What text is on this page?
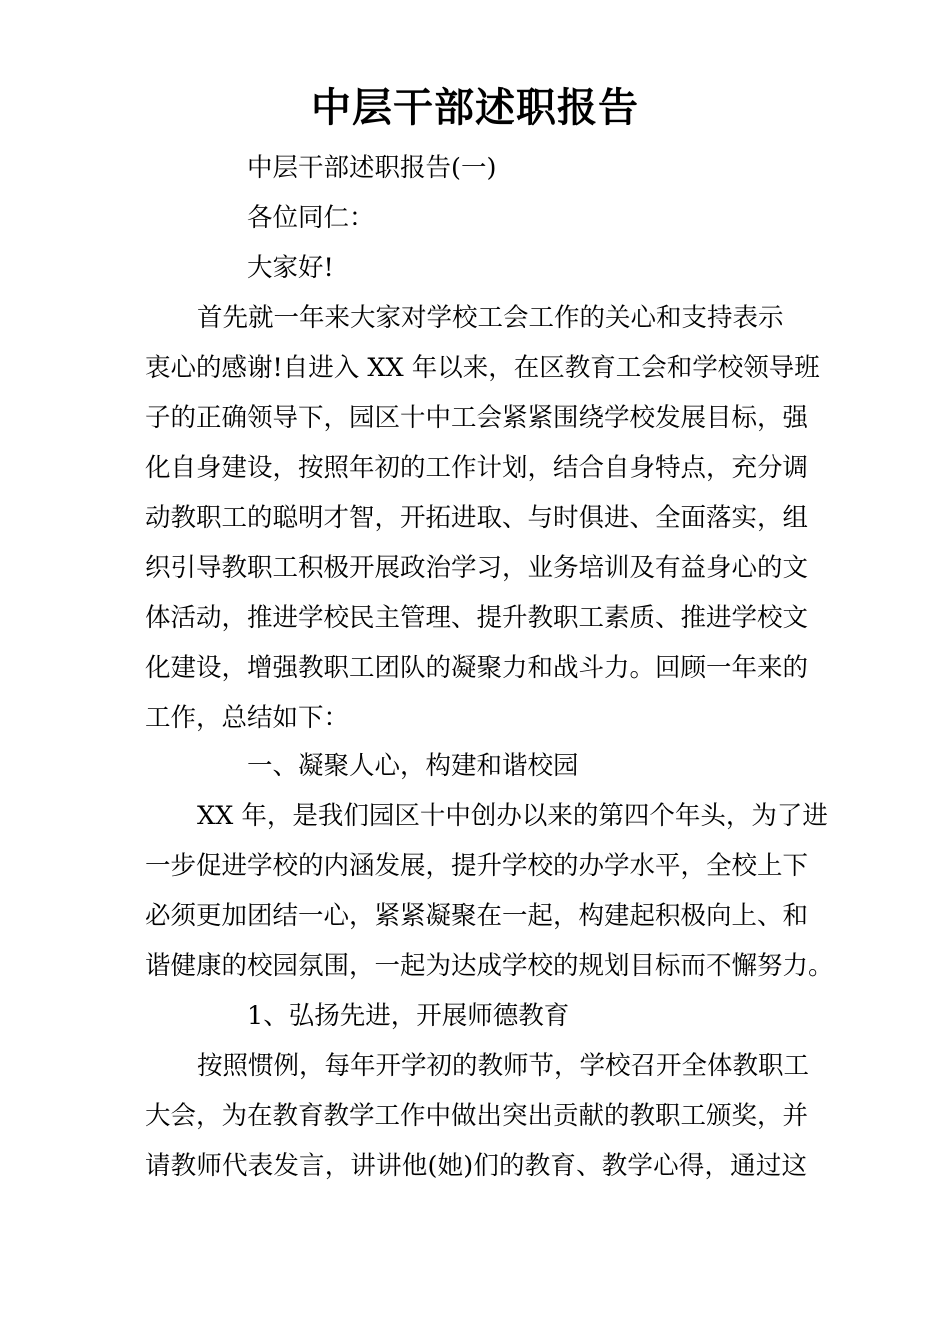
中层干部述职报告
中层干部述职报告(一)
各位同仁：
大家好!
首先就一年来大家对学校工会工作的关心和支持表示
衷心的感谢!自进入 XX 年以来，在区教育工会和学校领导班
子的正确领导下，园区十中工会紧紧围绕学校发展目标，强
化自身建设，按照年初的工作计划，结合自身特点，充分调
动教职工的聪明才智，开拓进取、与时俱进、全面落实，组
织引导教职工积极开展政治学习，业务培训及有益身心的文
体活动，推进学校民主管理、提升教职工素质、推进学校文
化建设，增强教职工团队的凝聚力和战斗力。回顾一年来的
工作，总结如下：
一、凝聚人心，构建和谐校园
XX 年，是我们园区十中创办以来的第四个年头，为了进
一步促进学校的内涵发展，提升学校的办学水平，全校上下
必须更加团结一心，紧紧凝聚在一起，构建起积极向上、和
谐健康的校园氛围，一起为达成学校的规划目标而不懈努力。
1、弘扬先进，开展师德教育
按照惯例，每年开学初的教师节，学校召开全体教职工
大会，为在教育教学工作中做出突出贡献的教职工颁奖，并
请教师代表发言，讲讲他(她)们的教育、教学心得，通过这
